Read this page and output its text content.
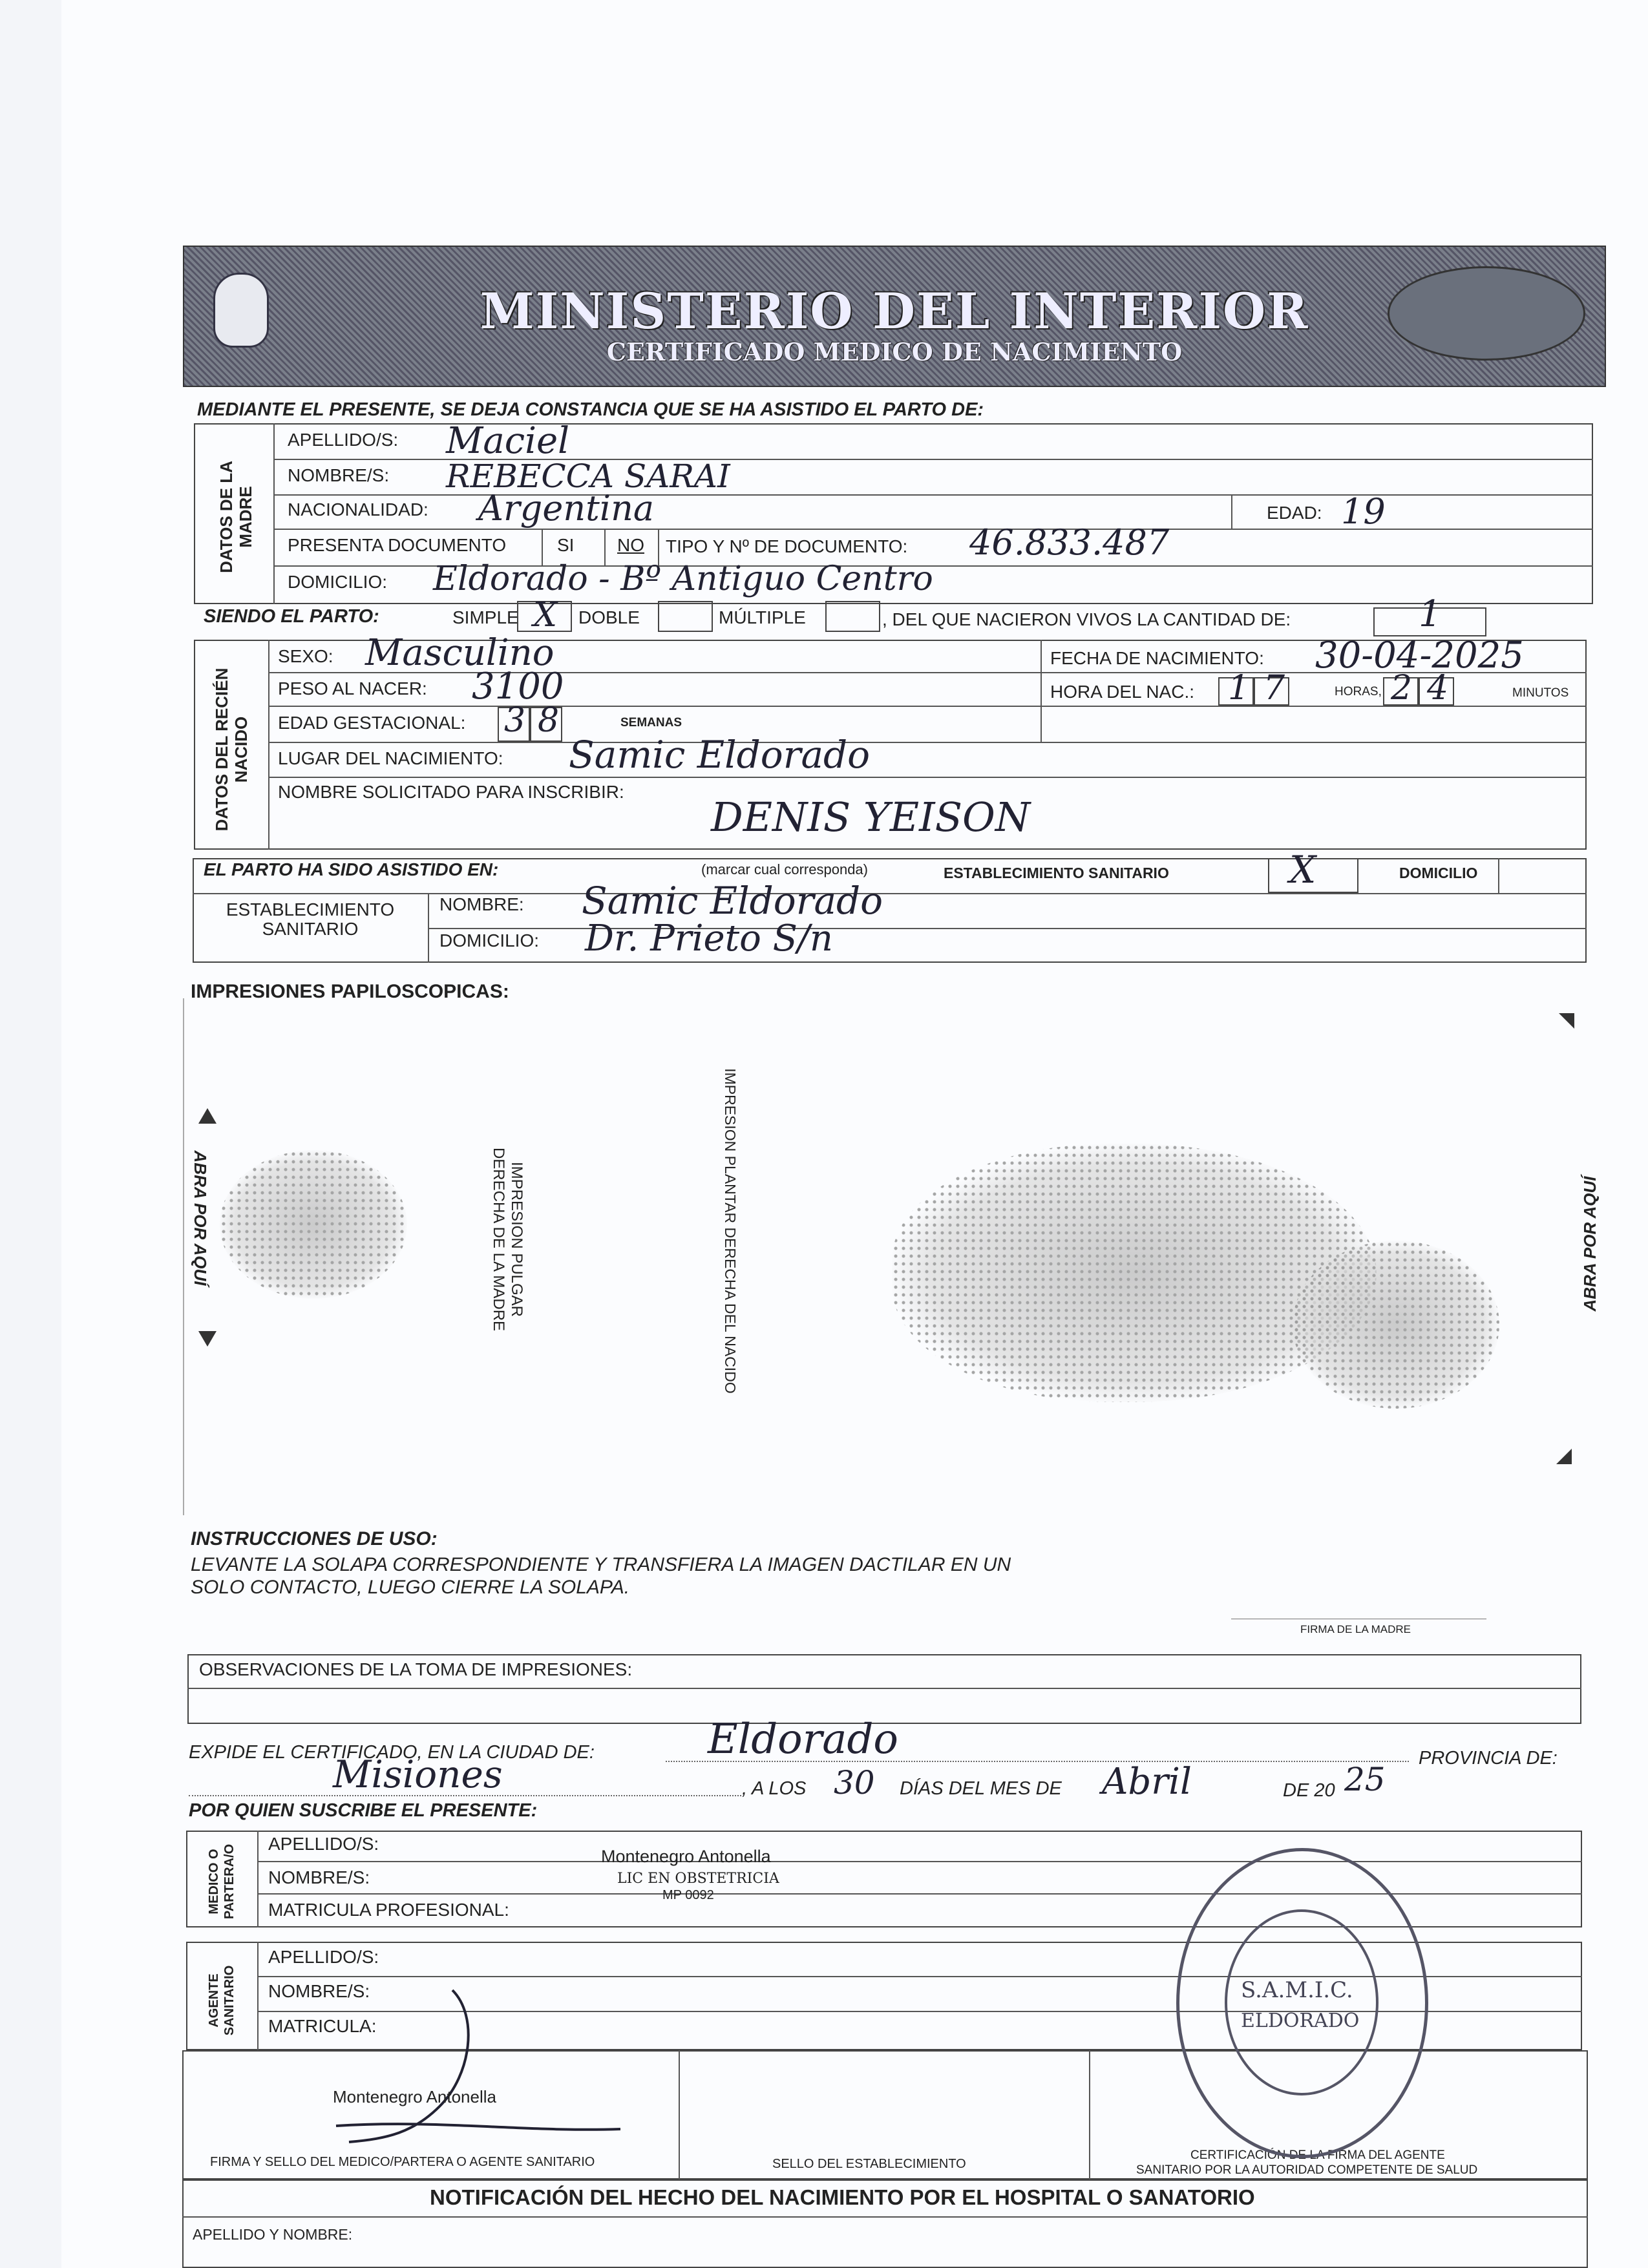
MINISTERIO DEL INTERIOR
CERTIFICADO MEDICO DE NACIMIENTO
MEDIANTE EL PRESENTE, SE DEJA CONSTANCIA QUE SE HA ASISTIDO EL PARTO DE:
DATOS DE LA MADRE
APELLIDO/S: Maciel
NOMBRE/S: REBECCA SARAI
NACIONALIDAD: Argentina	EDAD: 19
PRESENTA DOCUMENTO	SI NO TIPO Y Nº DE DOCUMENTO: 46.833.487
DOMICILIO: Eldorado - Bº Antiguo Centro
SIENDO EL PARTO:	SIMPLE X DOBLE	MÚLTIPLE	, DEL QUE NACIERON VIVOS LA CANTIDAD DE:	1
DATOS DEL RECIÉN NACIDO
SEXO: Masculino	FECHA DE NACIMIENTO: 30-04-2025
PESO AL NACER: 3100	HORA DEL NAC.: 1 7	HORAS, 2 4	MINUTOS
EDAD GESTACIONAL: 3 8	SEMANAS
LUGAR DEL NACIMIENTO: Samic Eldorado
NOMBRE SOLICITADO PARA INSCRIBIR:
DENIS YEISON
EL PARTO HA SIDO ASISTIDO EN:	(marcar cual corresponda)	ESTABLECIMIENTO SANITARIO	X	DOMICILIO
ESTABLECIMIENTO SANITARIO
NOMBRE: Samic Eldorado
DOMICILIO: Dr. Prieto S/n
IMPRESIONES PAPILOSCOPICAS:
ABRA POR AQUÍ	IMPRESION PULGAR DERECHA DE LA MADRE	IMPRESION PLANTAR DERECHA DEL NACIDO	ABRA POR AQUÍ
INSTRUCCIONES DE USO:
LEVANTE LA SOLAPA CORRESPONDIENTE Y TRANSFIERA LA IMAGEN DACTILAR EN UN
SOLO CONTACTO, LUEGO CIERRE LA SOLAPA.
FIRMA DE LA MADRE
OBSERVACIONES DE LA TOMA DE IMPRESIONES:
EXPIDE EL CERTIFICADO, EN LA CIUDAD DE:	Eldorado	PROVINCIA DE:
Misiones	, A LOS 30 DÍAS DEL MES DE Abril	DE 20 25
POR QUIEN SUSCRIBE EL PRESENTE:
MEDICO O PARTERA/O
APELLIDO/S:
NOMBRE/S:
MATRICULA PROFESIONAL:
Montenegro Antonella
LIC EN OBSTETRICIA
MP 0092
AGENTE SANITARIO
APELLIDO/S:
NOMBRE/S:
MATRICULA:
Montenegro Antonella
FIRMA Y SELLO DEL MEDICO/PARTERA O AGENTE SANITARIO	SELLO DEL ESTABLECIMIENTO
CERTIFICACIÓN DE LA FIRMA DEL AGENTE
SANITARIO POR LA AUTORIDAD COMPETENTE DE SALUD
S.A.M.I.C.
ELDORADO
NOTIFICACIÓN DEL HECHO DEL NACIMIENTO POR EL HOSPITAL O SANATORIO
APELLIDO Y NOMBRE:
